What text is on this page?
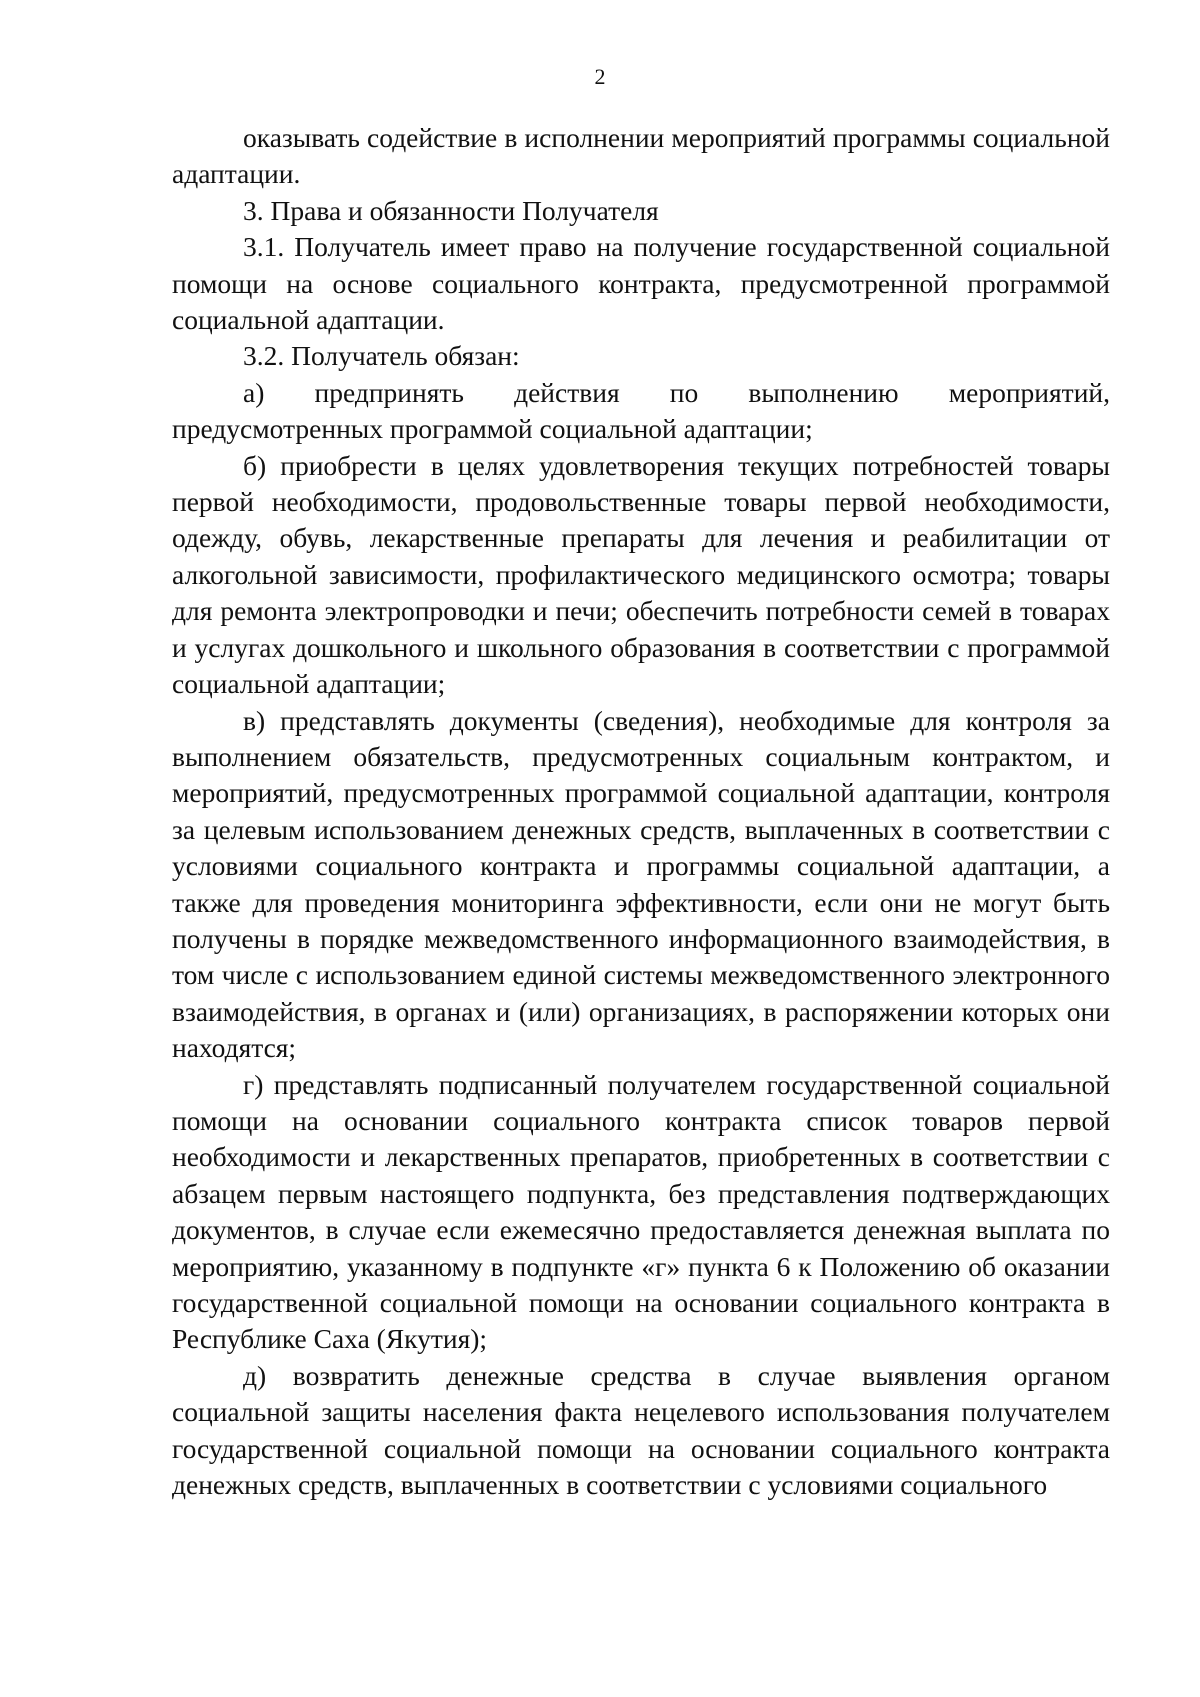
2

оказывать содействие в исполнении мероприятий программы социальной адаптации.

3. Права и обязанности Получателя

3.1. Получатель имеет право на получение государственной социальной помощи на основе социального контракта, предусмотренной программой социальной адаптации.

3.2. Получатель обязан:

а) предпринять действия по выполнению мероприятий, предусмотренных программой социальной адаптации;

б) приобрести в целях удовлетворения текущих потребностей товары первой необходимости, продовольственные товары первой необходимости, одежду, обувь, лекарственные препараты для лечения и реабилитации от алкогольной зависимости, профилактического медицинского осмотра; товары для ремонта электропроводки и печи; обеспечить потребности семей в товарах и услугах дошкольного и школьного образования в соответствии с программой социальной адаптации;

в) представлять документы (сведения), необходимые для контроля за выполнением обязательств, предусмотренных социальным контрактом, и мероприятий, предусмотренных программой социальной адаптации, контроля за целевым использованием денежных средств, выплаченных в соответствии с условиями социального контракта и программы социальной адаптации, а также для проведения мониторинга эффективности, если они не могут быть получены в порядке межведомственного информационного взаимодействия, в том числе с использованием единой системы межведомственного электронного взаимодействия, в органах и (или) организациях, в распоряжении которых они находятся;

г) представлять подписанный получателем государственной социальной помощи на основании социального контракта список товаров первой необходимости и лекарственных препаратов, приобретенных в соответствии с абзацем первым настоящего подпункта, без представления подтверждающих документов, в случае если ежемесячно предоставляется денежная выплата по мероприятию, указанному в подпункте «г» пункта 6 к Положению об оказании государственной социальной помощи на основании социального контракта в Республике Саха (Якутия);

д) возвратить денежные средства в случае выявления органом социальной защиты населения факта нецелевого использования получателем государственной социальной помощи на основании социального контракта денежных средств, выплаченных в соответствии с условиями социального
